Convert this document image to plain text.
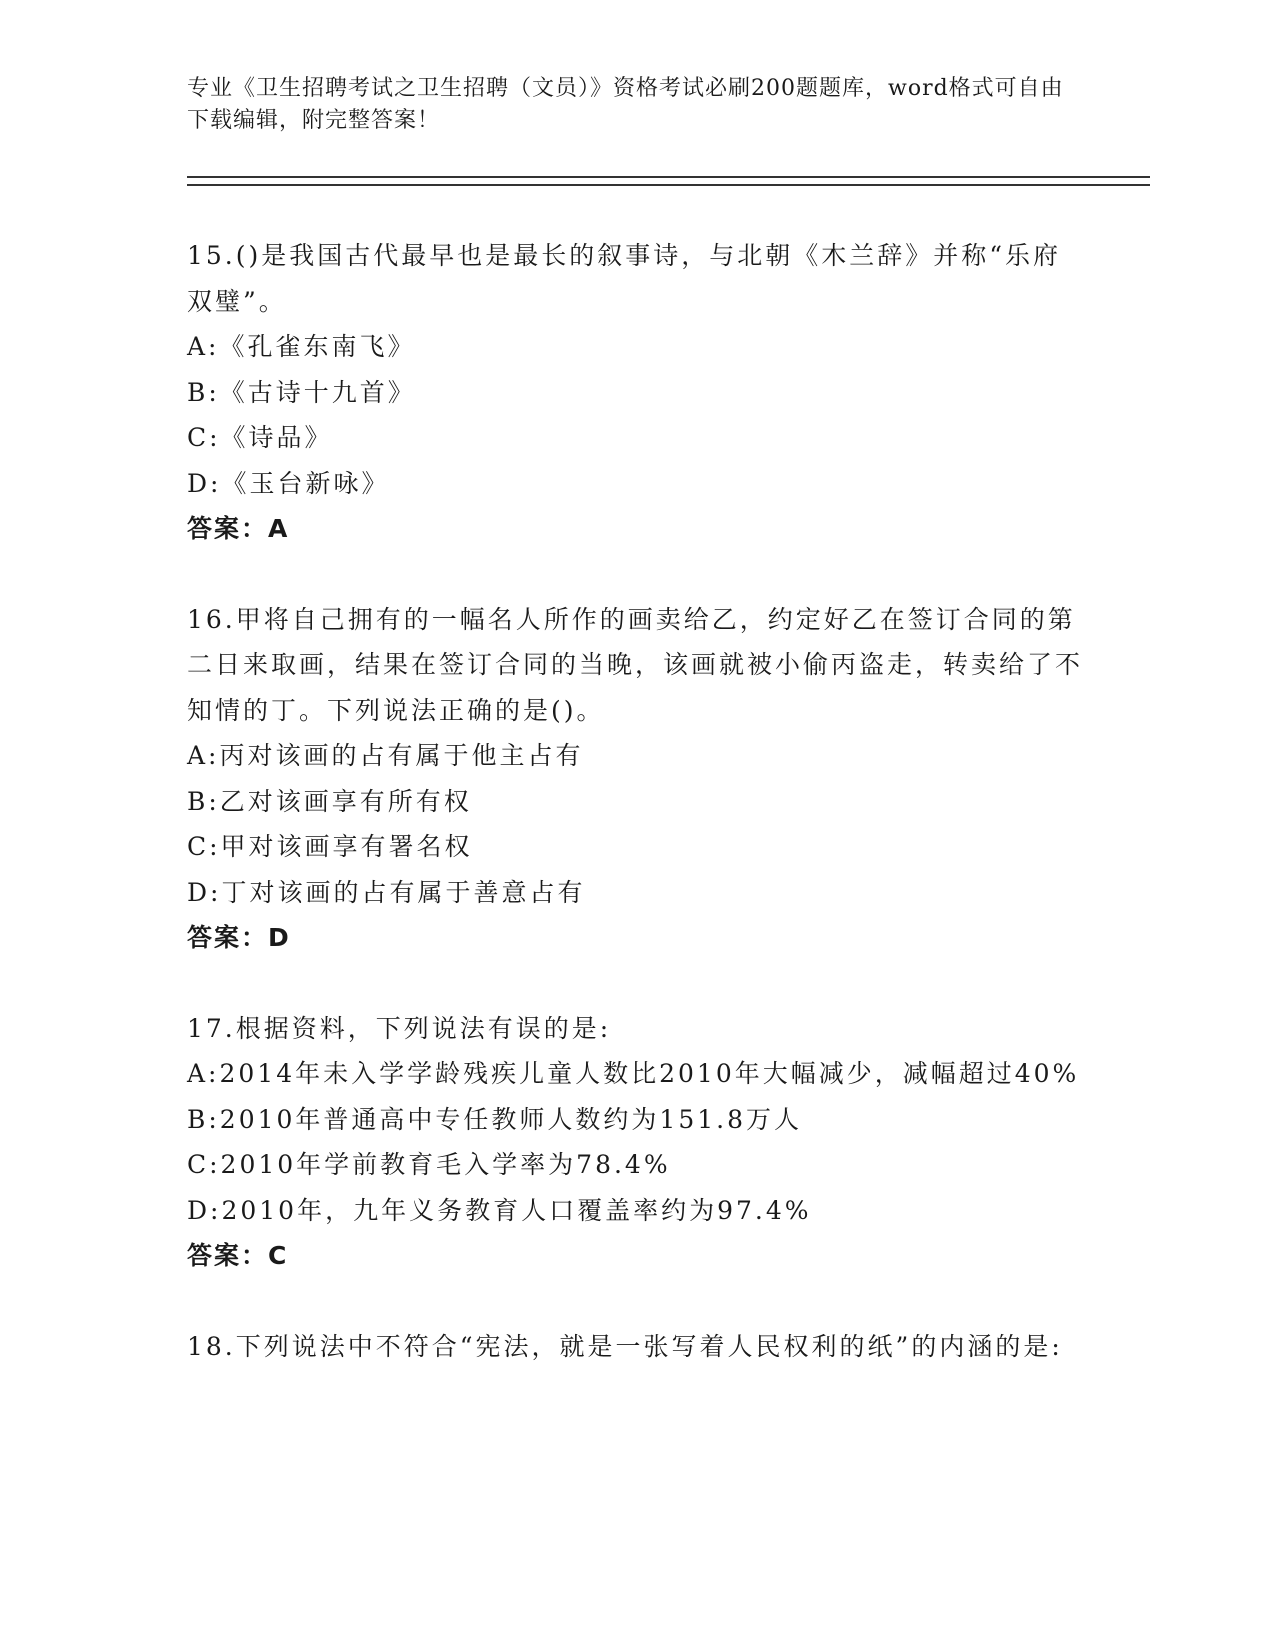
专业《卫生招聘考试之卫生招聘（文员）》资格考试必刷200题题库，word格式可自由下载编辑，附完整答案！

15.()是我国古代最早也是最长的叙事诗，与北朝《木兰辞》并称“乐府双璧”。

A:《孔雀东南飞》

B:《古诗十九首》

C:《诗品》

D:《玉台新咏》

答案：A

16.甲将自己拥有的一幅名人所作的画卖给乙，约定好乙在签订合同的第二日来取画，结果在签订合同的当晚，该画就被小偷丙盗走，转卖给了不知情的丁。下列说法正确的是()。

A:丙对该画的占有属于他主占有

B:乙对该画享有所有权

C:甲对该画享有署名权

D:丁对该画的占有属于善意占有

答案：D

17.根据资料，下列说法有误的是:

A:2014年未入学学龄残疾儿童人数比2010年大幅减少，减幅超过40%

B:2010年普通高中专任教师人数约为151.8万人

C:2010年学前教育毛入学率为78.4%

D:2010年，九年义务教育人口覆盖率约为97.4%

答案：C

18.下列说法中不符合“宪法，就是一张写着人民权利的纸”的内涵的是:
